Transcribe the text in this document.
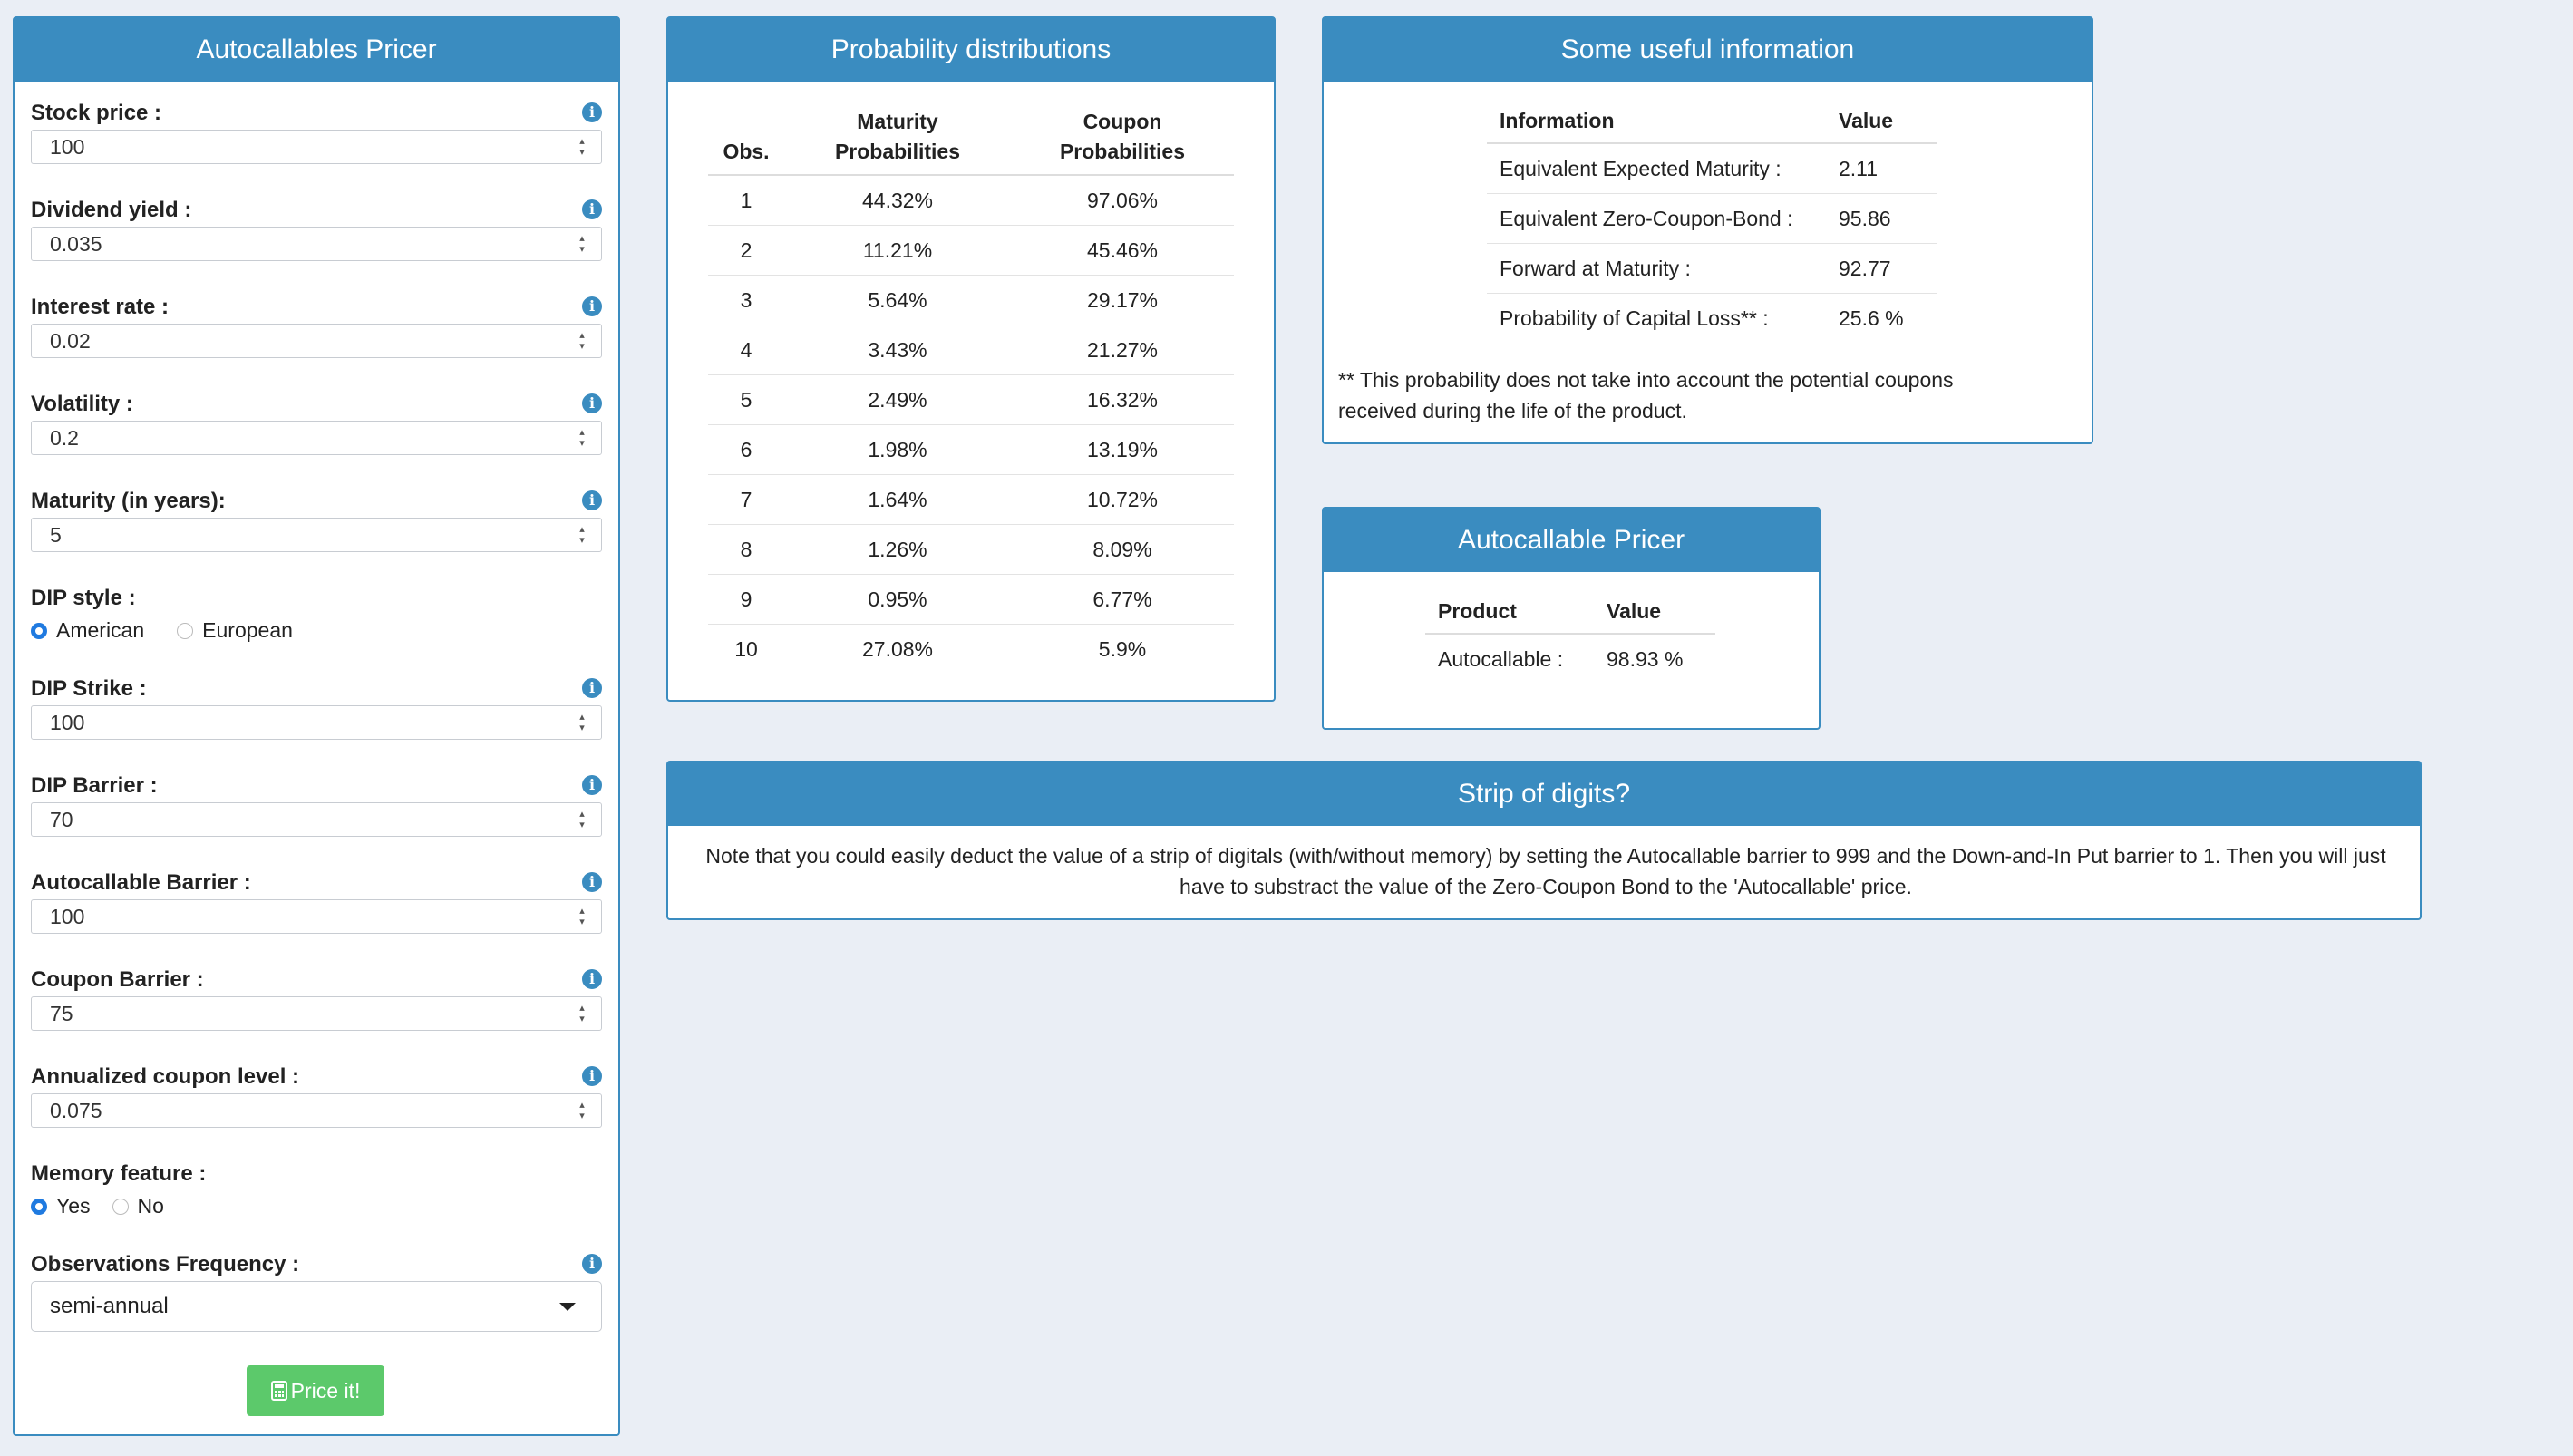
Autocallables Pricer
Stock price :	i
100	▴
▾
Dividend yield :	i
0.035	▴
▾
Interest rate :	i
0.02	▴
▾
Volatility :	i
0.2	▴
▾
Maturity (in years):	i
5	▴
▾
DIP style :
American	European
DIP Strike :	i
100	▴
▾
DIP Barrier :	i
70	▴
▾
Autocallable Barrier :	i
100	▴
▾
Coupon Barrier :	i
75	▴
▾
Annualized coupon level :	i
0.075	▴
▾
Memory feature :
Yes No
Observations Frequency :	i
semi-annual
Price it!
Probability distributions
Obs.	Maturity Probabilities	Coupon Probabilities
1	44.32%	97.06%
2	11.21%	45.46%
3	5.64%	29.17%
4	3.43%	21.27%
5	2.49%	16.32%
6	1.98%	13.19%
7	1.64%	10.72%
8	1.26%	8.09%
9	0.95%	6.77%
10	27.08%	5.9%
Some useful information
Information	Value
Equivalent Expected Maturity :	2.11
Equivalent Zero-Coupon-Bond :	95.86
Forward at Maturity :	92.77
Probability of Capital Loss** :	25.6 %
** This probability does not take into account the potential coupons received during the life of the product.
Autocallable Pricer
Product	Value
Autocallable :	98.93 %
Strip of digits?
Note that you could easily deduct the value of a strip of digitals (with/without memory) by setting the Autocallable barrier to 999 and the Down-and-In Put barrier to 1. Then you will just have to substract the value of the Zero-Coupon Bond to the 'Autocallable' price.
